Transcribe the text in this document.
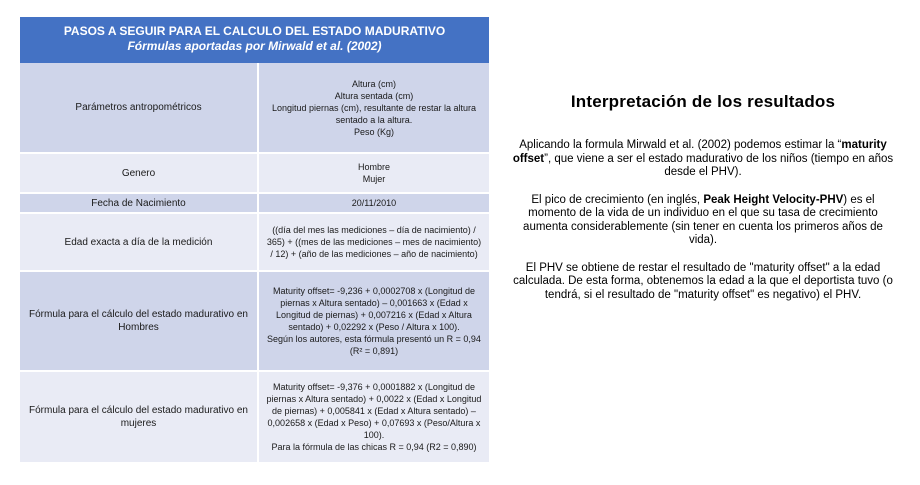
PASOS A SEGUIR PARA EL CALCULO DEL ESTADO MADURATIVO
Fórmulas aportadas por Mirwald et al. (2002)
Parámetros antropométricos
Altura (cm)
Altura sentada (cm)
Longitud piernas (cm), resultante de restar la altura sentado a la altura.
Peso (Kg)
Genero
Hombre
Mujer
Fecha de Nacimiento	20/11/2010
Edad exacta a día de la medición
((día del mes las mediciones – día de nacimiento) / 365) + ((mes de las mediciones – mes de nacimiento) / 12) + (año de las mediciones – año de nacimiento)
Fórmula para el cálculo del estado madurativo en Hombres
Maturity offset= -9,236 + 0,0002708 x (Longitud de piernas x Altura sentado) – 0,001663 x (Edad x Longitud de piernas) + 0,007216 x (Edad x Altura sentado) + 0,02292 x (Peso / Altura x 100).
Según los autores, esta fórmula presentó un R = 0,94 (R² = 0,891)
Fórmula para el cálculo del estado madurativo en mujeres
Maturity offset= -9,376 + 0,0001882 x (Longitud de piernas x Altura sentado) + 0,0022 x (Edad x Longitud de piernas) + 0,005841 x (Edad x Altura sentado) – 0,002658 x (Edad x Peso) + 0,07693 x (Peso/Altura x 100).
Para la fórmula de las chicas R = 0,94 (R2 = 0,890)
Interpretación de los resultados

Aplicando la formula Mirwald et al. (2002) podemos estimar la “maturity offset”, que viene a ser el estado madurativo de los niños (tiempo en años desde el PHV).

El pico de crecimiento (en inglés, Peak Height Velocity-PHV) es el momento de la vida de un individuo en el que su tasa de crecimiento aumenta considerablemente (sin tener en cuenta los primeros años de vida).

El PHV se obtiene de restar el resultado de "maturity offset" a la edad calculada. De esta forma, obtenemos la edad a la que el deportista tuvo (o tendrá, si el resultado de "maturity offset" es negativo) el PHV.
